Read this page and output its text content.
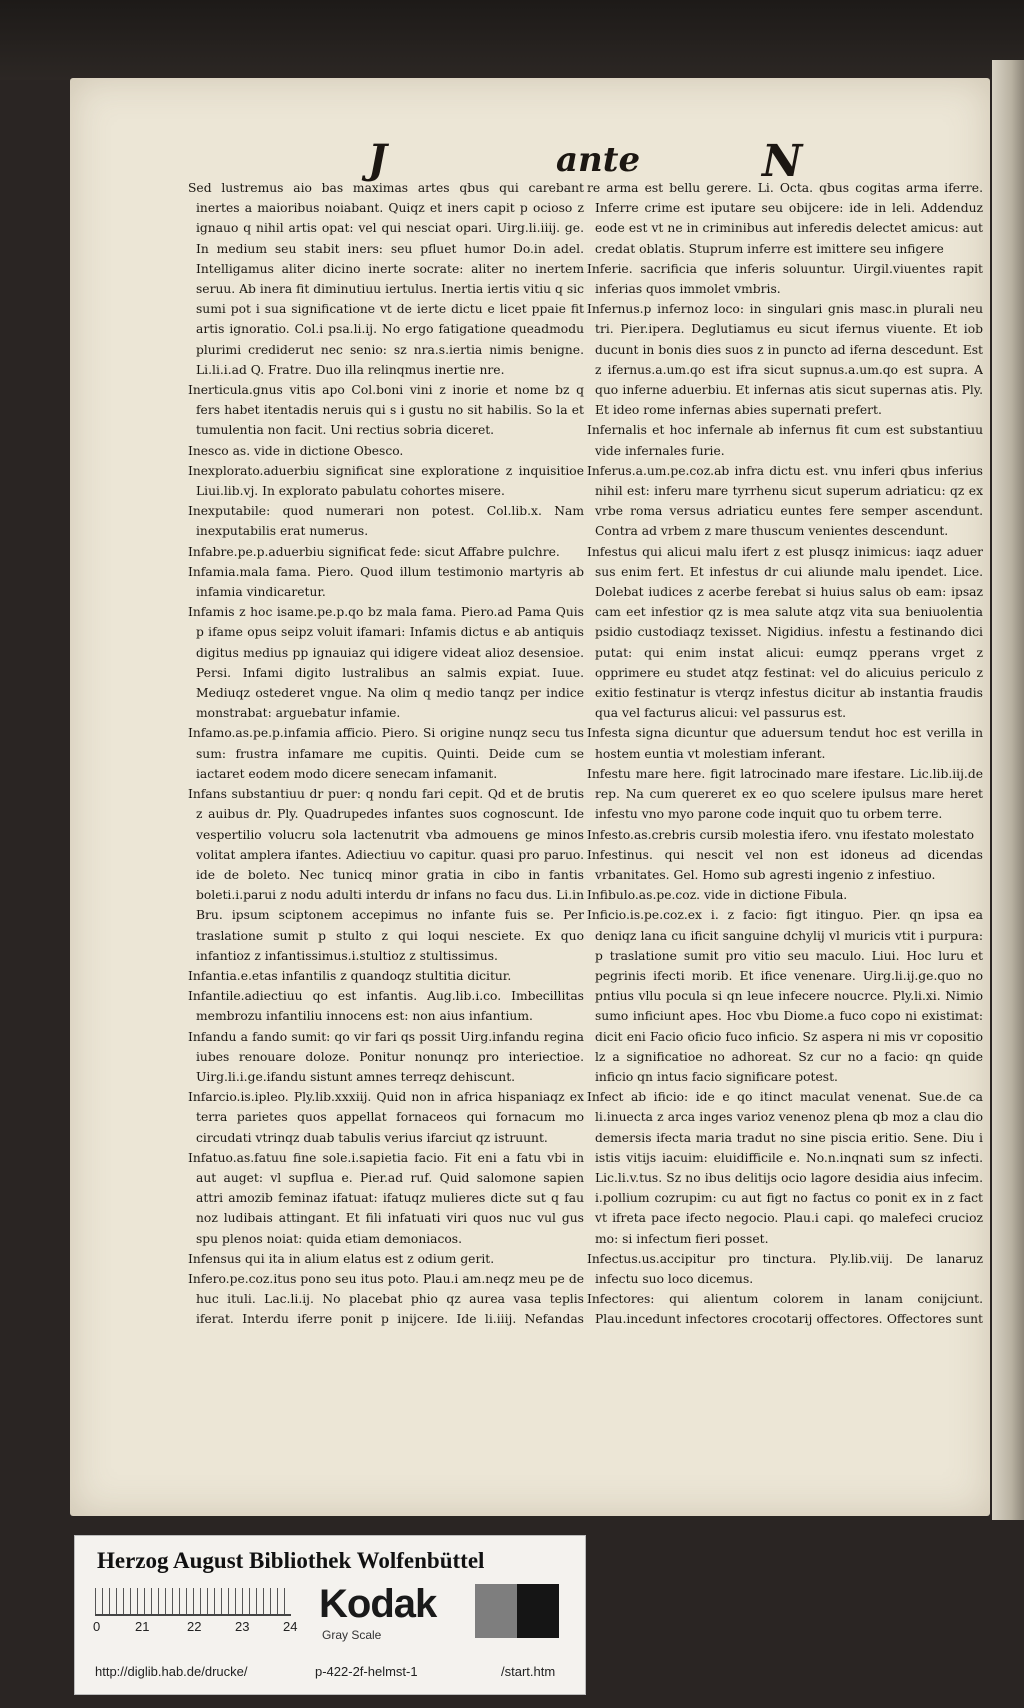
J	ante	N

Sed lustremus aio bas maximas artes qbus qui carebant inertes a maioribus noiabant. Quiqz et iners capit p ocioso z ignauo q nihil artis opat: vel qui nesciat opari. Uirg.li.iiij. ge. In medium seu stabit iners: seu pfluet humor Do.in adel. Intelligamus aliter dicino inerte socrate: aliter no inertem seruu. Ab inera fit diminutiuu iertulus. Inertia iertis vitiu q sic sumi pot i sua significatione vt de ierte dictu e licet ppaie fit artis ignoratio. Col.i psa.li.ij. No ergo fatigatione queadmodu plurimi crediderut nec senio: sz nra.s.iertia nimis benigne. Li.li.i.ad Q. Fratre. Duo illa relinqmus inertie nre.

Inerticula.gnus vitis apo Col.boni vini z inorie et nome bz q fers habet itentadis neruis qui s i gustu no sit habilis. So la et tumulentia non facit. Uni rectius sobria diceret.

Inesco as. vide in dictione Obesco.

Inexplorato.aduerbiu significat sine exploratione z inquisitioe Liui.lib.vj. In explorato pabulatu cohortes misere.

Inexputabile: quod numerari non potest. Col.lib.x. Nam inexputabilis erat numerus.

Infabre.pe.p.aduerbiu significat fede: sicut Affabre pulchre.

Infamia.mala fama. Piero. Quod illum testimonio martyris ab infamia vindicaretur.

Infamis z hoc isame.pe.p.qo bz mala fama. Piero.ad Pama Quis p ifame opus seipz voluit ifamari: Infamis dictus e ab antiquis digitus medius pp ignauiaz qui idigere videat alioz desensioe. Persi. Infami digito lustralibus an salmis expiat. Iuue. Mediuqz ostederet vngue. Na olim q medio tanqz per indice monstrabat: arguebatur infamie.

Infamo.as.pe.p.infamia afficio. Piero. Si origine nunqz secu tus sum: frustra infamare me cupitis. Quinti. Deide cum se iactaret eodem modo dicere senecam infamanit.

Infans substantiuu dr puer: q nondu fari cepit. Qd et de brutis z auibus dr. Ply. Quadrupedes infantes suos cognoscunt. Ide vespertilio volucru sola lactenutrit vba admouens ge minos volitat amplera ifantes. Adiectiuu vo capitur. quasi pro paruo. ide de boleto. Nec tunicq minor gratia in cibo in fantis boleti.i.parui z nodu adulti interdu dr infans no facu dus. Li.in Bru. ipsum sciptonem accepimus no infante fuis se. Per traslatione sumit p stulto z qui loqui nesciete. Ex quo infantioz z infantissimus.i.stultioz z stultissimus.

Infantia.e.etas infantilis z quandoqz stultitia dicitur.

Infantile.adiectiuu qo est infantis. Aug.lib.i.co. Imbecillitas membrozu infantiliu innocens est: non aius infantium.

Infandu a fando sumit: qo vir fari qs possit Uirg.infandu regina iubes renouare doloze. Ponitur nonunqz pro interiectioe. Uirg.li.i.ge.ifandu sistunt amnes terreqz dehiscunt.

Infarcio.is.ipleo. Ply.lib.xxxiij. Quid non in africa hispaniaqz ex terra parietes quos appellat fornaceos qui fornacum mo circudati vtrinqz duab tabulis verius ifarciut qz istruunt.

Infatuo.as.fatuu fine sole.i.sapietia facio. Fit eni a fatu vbi in aut auget: vl supflua e. Pier.ad ruf. Quid salomone sapien attri amozib feminaz ifatuat: ifatuqz mulieres dicte sut q fau noz ludibais attingant. Et fili infatuati viri quos nuc vul gus spu plenos noiat: quida etiam demoniacos.

Infensus qui ita in alium elatus est z odium gerit.

Infero.pe.coz.itus pono seu itus poto. Plau.i am.neqz meu pe de huc ituli. Lac.li.ij. No placebat phio qz aurea vasa teplis iferat. Interdu iferre ponit p inijcere. Ide li.iiij. Nefandas

re arma est bellu gerere. Li. Octa. qbus cogitas arma iferre. Inferre crime est iputare seu obijcere: ide in leli. Addenduz eode est vt ne in criminibus aut inferedis delectet amicus: aut credat oblatis. Stuprum inferre est imittere seu infigere

Inferie. sacrificia que inferis soluuntur. Uirgil.viuentes rapit inferias quos immolet vmbris.

Infernus.p infernoz loco: in singulari gnis masc.in plurali neu tri. Pier.ipera. Deglutiamus eu sicut ifernus viuente. Et iob ducunt in bonis dies suos z in puncto ad iferna descedunt. Est z ifernus.a.um.qo est ifra sicut supnus.a.um.qo est supra. A quo inferne aduerbiu. Et infernas atis sicut supernas atis. Ply. Et ideo rome infernas abies supernati prefert.

Infernalis et hoc infernale ab infernus fit cum est substantiuu vide infernales furie.

Inferus.a.um.pe.coz.ab infra dictu est. vnu inferi qbus inferius nihil est: inferu mare tyrrhenu sicut superum adriaticu: qz ex vrbe roma versus adriaticu euntes fere semper ascendunt. Contra ad vrbem z mare thuscum venientes descendunt.

Infestus qui alicui malu ifert z est plusqz inimicus: iaqz aduer sus enim fert. Et infestus dr cui aliunde malu ipendet. Lice. Dolebat iudices z acerbe ferebat si huius salus ob eam: ipsaz cam eet infestior qz is mea salute atqz vita sua beniuolentia psidio custodiaqz texisset. Nigidius. infestu a festinando dici putat: qui enim instat alicui: eumqz pperans vrget z opprimere eu studet atqz festinat: vel do alicuius periculo z exitio festinatur is vterqz infestus dicitur ab instantia fraudis qua vel facturus alicui: vel passurus est.

Infesta signa dicuntur que aduersum tendut hoc est verilla in hostem euntia vt molestiam inferant.

Infestu mare here. figit latrocinado mare ifestare. Lic.lib.iij.de rep. Na cum quereret ex eo quo scelere ipulsus mare heret infestu vno myo parone code inquit quo tu orbem terre.

Infesto.as.crebris cursib molestia ifero. vnu ifestato molestato

Infestinus. qui nescit vel non est idoneus ad dicendas vrbanitates. Gel. Homo sub agresti ingenio z infestiuo.

Infibulo.as.pe.coz. vide in dictione Fibula.

Inficio.is.pe.coz.ex i. z facio: figt itinguo. Pier. qn ipsa ea deniqz lana cu ificit sanguine dchylij vl muricis vtit i purpura: p traslatione sumit pro vitio seu maculo. Liui. Hoc luru et pegrinis ifecti morib. Et ifice venenare. Uirg.li.ij.ge.quo no pntius vllu pocula si qn leue infecere noucrce. Ply.li.xi. Nimio sumo inficiunt apes. Hoc vbu Diome.a fuco copo ni existimat: dicit eni Facio oficio fuco inficio. Sz aspera ni mis vr copositio lz a significatioe no adhoreat. Sz cur no a facio: qn quide inficio qn intus facio significare potest.

Infect ab ificio: ide e qo itinct maculat venenat. Sue.de ca li.inuecta z arca inges varioz venenoz plena qb moz a clau dio demersis ifecta maria tradut no sine piscia eritio. Sene. Diu i istis vitijs iacuim: eluidifficile e. No.n.inqnati sum sz infecti. Lic.li.v.tus. Sz no ibus delitijs ocio lagore desidia aius infecim. i.pollium cozrupim: cu aut figt no factus co ponit ex in z fact vt ifreta pace ifecto negocio. Plau.i capi. qo malefeci crucioz mo: si infectum fieri posset.

Infectus.us.accipitur pro tinctura. Ply.lib.viij. De lanaruz infectu suo loco dicemus.

Infectores: qui alientum colorem in lanam conijciunt. Plau.incedunt infectores crocotarij offectores. Offectores sunt

Herzog August Bibliothek Wolfenbüttel
0	21	22	23	24
Kodak
Gray Scale
http://diglib.hab.de/drucke/	p-422-2f-helmst-1	/start.htm
